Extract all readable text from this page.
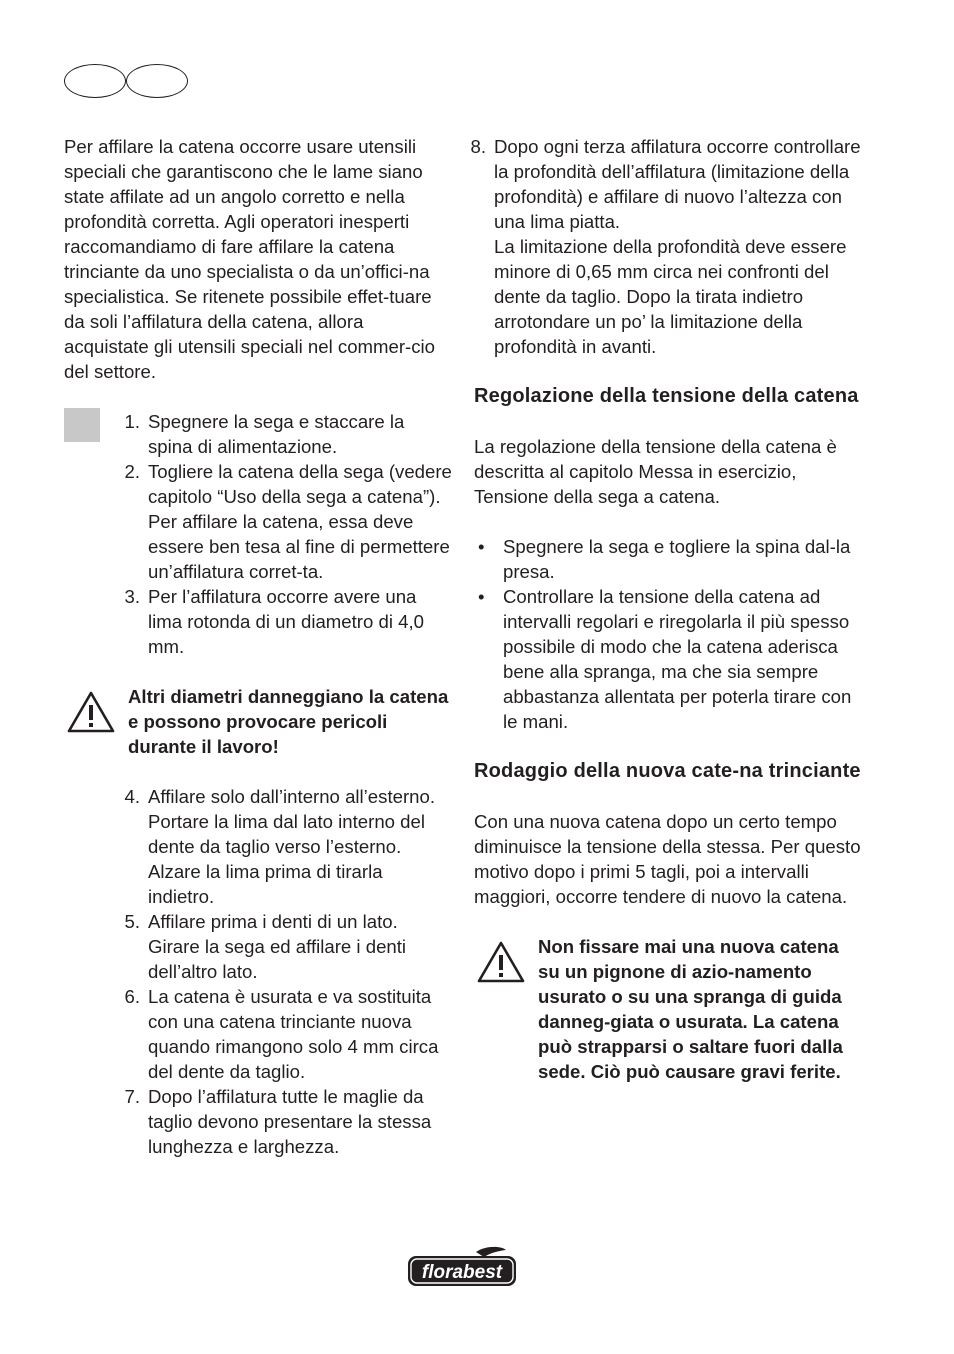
Per affilare la catena occorre usare utensili speciali che garantiscono che le lame siano state affilate ad un angolo corretto e nella profondità corretta. Agli operatori inesperti raccomandiamo di fare affilare la catena trinciante da uno specialista o da un’offici-na specialistica. Se ritenete possibile effet-tuare da soli l’affilatura della catena, allora acquistate gli utensili speciali nel commer-cio del settore.

1. Spegnere la sega e staccare la spina di alimentazione.
2. Togliere la catena della sega (vedere capitolo “Uso della sega a catena”). Per affilare la catena, essa deve essere ben tesa al fine di permettere un’affilatura corret-ta.
3. Per l’affilatura occorre avere una lima rotonda di un diametro di 4,0 mm.

Altri diametri danneggiano la catena e possono provocare pericoli durante il lavoro!

4. Affilare solo dall’interno all’esterno. Portare la lima dal lato interno del dente da taglio verso l’esterno. Alzare la lima prima di tirarla indietro.
5. Affilare prima i denti di un lato. Girare la sega ed affilare i denti dell’altro lato.
6. La catena è usurata e va sostituita con una catena trinciante nuova quando rimangono solo 4 mm circa del dente da taglio.
7. Dopo l’affilatura tutte le maglie da taglio devono presentare la stessa lunghezza e larghezza.
8. Dopo ogni terza affilatura occorre controllare la profondità dell’affilatura (limitazione della profondità) e affilare di nuovo l’altezza con una lima piatta.

La limitazione della profondità deve essere minore di 0,65 mm circa nei confronti del dente da taglio. Dopo la tirata indietro arrotondare un po’ la limitazione della profondità in avanti.

Regolazione della tensione della catena

La regolazione della tensione della catena è descritta al capitolo Messa in esercizio, Tensione della sega a catena.

• Spegnere la sega e togliere la spina dal-la presa.
• Controllare la tensione della catena ad intervalli regolari e riregolarla il più spesso possibile di modo che la catena aderisca bene alla spranga, ma che sia sempre abbastanza allentata per poterla tirare con le mani.
Rodaggio della nuova cate-na trinciante

Con una nuova catena dopo un certo tempo diminuisce la tensione della stessa. Per questo motivo dopo i primi 5 tagli, poi a intervalli maggiori, occorre tendere di nuovo la catena.

Non fissare mai una nuova catena su un pignone di azio-namento usurato o su una spranga di guida danneg-giata o usurata. La catena può strapparsi o saltare fuori dalla sede. Ciò può causare gravi ferite.

florabest
